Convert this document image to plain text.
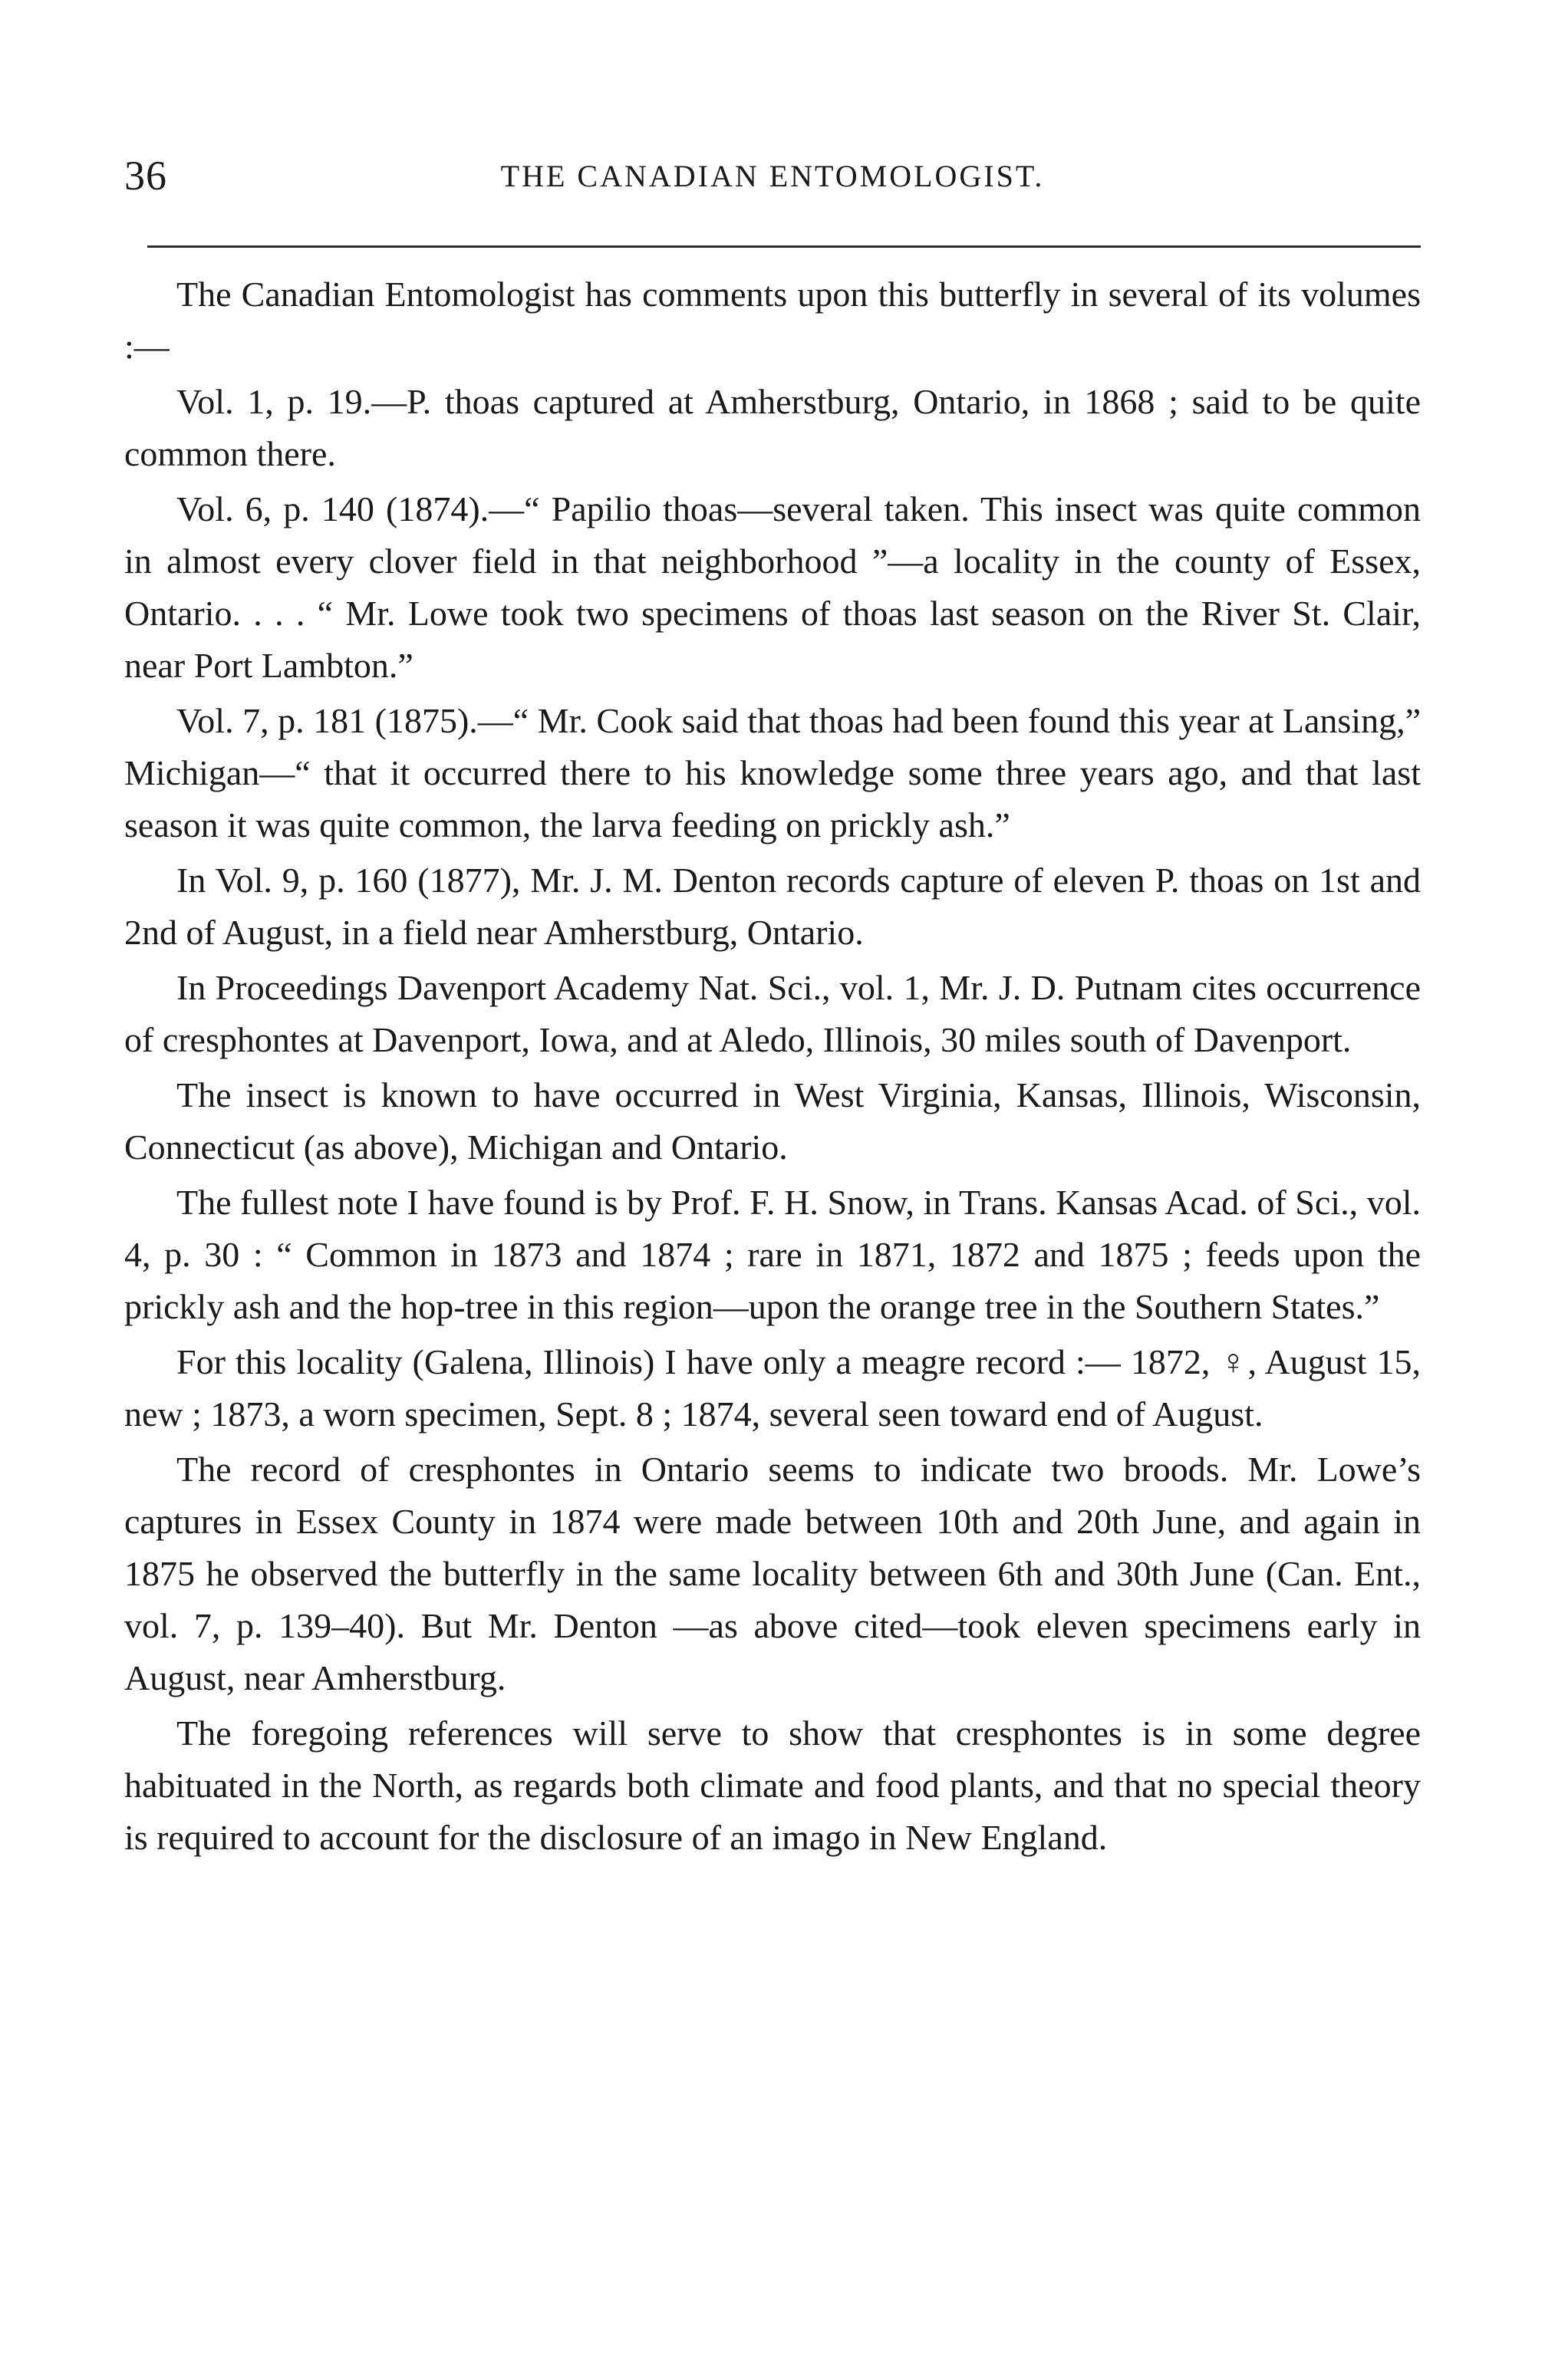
36	THE CANADIAN ENTOMOLOGIST.

The Canadian Entomologist has comments upon this butterfly in several of its volumes :—

Vol. 1, p. 19.—P. thoas captured at Amherstburg, Ontario, in 1868 ; said to be quite common there.

Vol. 6, p. 140 (1874).—“ Papilio thoas—several taken. This insect was quite common in almost every clover field in that neighborhood ”—a locality in the county of Essex, Ontario. . . . “ Mr. Lowe took two specimens of thoas last season on the River St. Clair, near Port Lambton.”

Vol. 7, p. 181 (1875).—“ Mr. Cook said that thoas had been found this year at Lansing,” Michigan—“ that it occurred there to his knowledge some three years ago, and that last season it was quite common, the larva feeding on prickly ash.”

In Vol. 9, p. 160 (1877), Mr. J. M. Denton records capture of eleven P. thoas on 1st and 2nd of August, in a field near Amherstburg, Ontario.

In Proceedings Davenport Academy Nat. Sci., vol. 1, Mr. J. D. Putnam cites occurrence of cresphontes at Davenport, Iowa, and at Aledo, Illinois, 30 miles south of Davenport.

The insect is known to have occurred in West Virginia, Kansas, Illinois, Wisconsin, Connecticut (as above), Michigan and Ontario.

The fullest note I have found is by Prof. F. H. Snow, in Trans. Kansas Acad. of Sci., vol. 4, p. 30 : “ Common in 1873 and 1874 ; rare in 1871, 1872 and 1875 ; feeds upon the prickly ash and the hop-tree in this region—upon the orange tree in the Southern States.”

For this locality (Galena, Illinois) I have only a meagre record :— 1872, ♀, August 15, new ; 1873, a worn specimen, Sept. 8 ; 1874, several seen toward end of August.

The record of cresphontes in Ontario seems to indicate two broods. Mr. Lowe’s captures in Essex County in 1874 were made between 10th and 20th June, and again in 1875 he observed the butterfly in the same locality between 6th and 30th June (Can. Ent., vol. 7, p. 139–40). But Mr. Denton —as above cited—took eleven specimens early in August, near Amherstburg.

The foregoing references will serve to show that cresphontes is in some degree habituated in the North, as regards both climate and food plants, and that no special theory is required to account for the disclosure of an imago in New England.
